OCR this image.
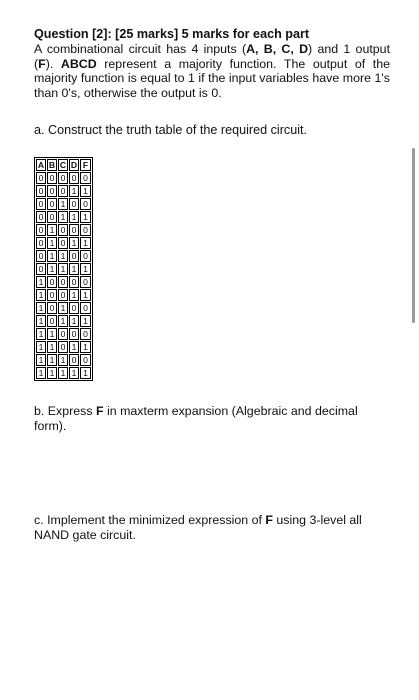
Question [2]: [25 marks] 5 marks for each part
A combinational circuit has 4 inputs (A, B, C, D) and 1 output (F). ABCD represent a majority function. The output of the majority function is equal to 1 if the input variables have more 1's than 0's, otherwise the output is 0.
a. Construct the truth table of the required circuit.
A	B	C	D	F
0	0	0	0	0
0	0	0	1	1
0	0	1	0	0
0	0	1	1	1
0	1	0	0	0
0	1	0	1	1
0	1	1	0	0
0	1	1	1	1
1	0	0	0	0
1	0	0	1	1
1	0	1	0	0
1	0	1	1	1
1	1	0	0	0
1	1	0	1	1
1	1	1	0	0
1	1	1	1	1
b. Express F in maxterm expansion (Algebraic and decimal form).
c. Implement the minimized expression of F using 3-level all NAND gate circuit.
